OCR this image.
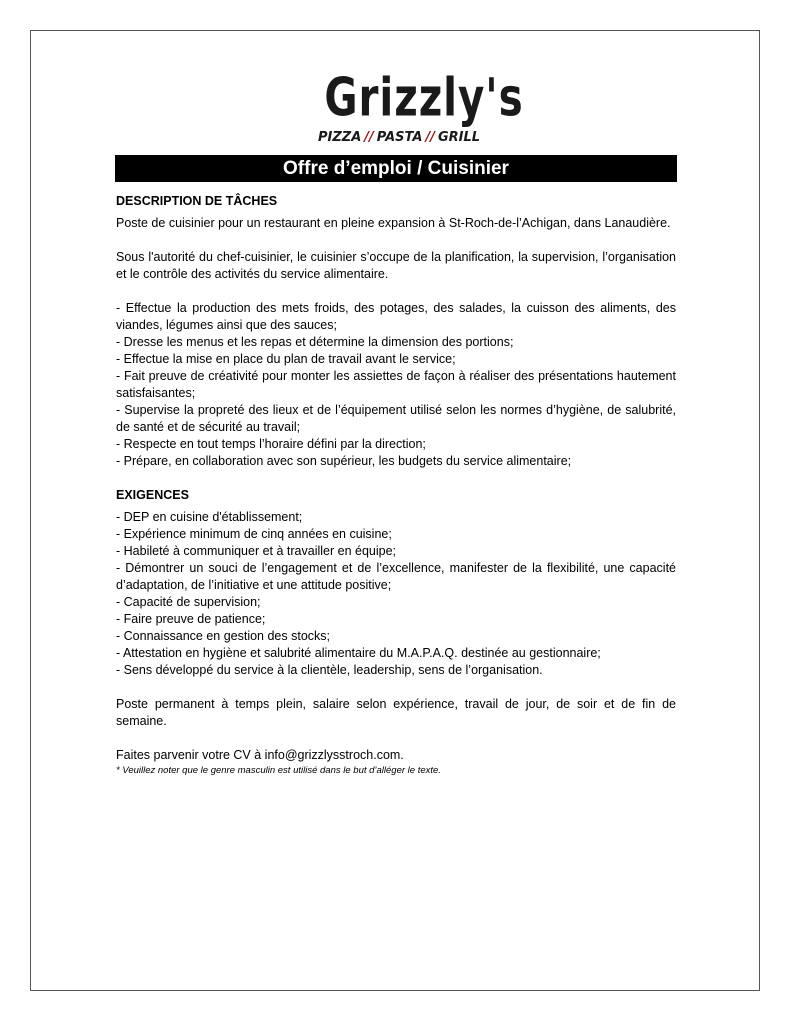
Grizzly's
PIZZA // PASTA // GRILL
Offre d’emploi / Cuisinier
DESCRIPTION DE TÂCHES

Poste de cuisinier pour un restaurant en pleine expansion à St-Roch-de-l’Achigan, dans Lanaudière.

Sous l'autorité du chef-cuisinier, le cuisinier s’occupe de la planification, la supervision, l’organisation et le contrôle des activités du service alimentaire.

- Effectue la production des mets froids, des potages, des salades, la cuisson des aliments, des viandes, légumes ainsi que des sauces;

- Dresse les menus et les repas et détermine la dimension des portions;

- Effectue la mise en place du plan de travail avant le service;

- Fait preuve de créativité pour monter les assiettes de façon à réaliser des présentations hautement satisfaisantes;

- Supervise la propreté des lieux et de l’équipement utilisé selon les normes d’hygiène, de salubrité, de santé et de sécurité au travail;

- Respecte en tout temps l’horaire défini par la direction;

- Prépare, en collaboration avec son supérieur, les budgets du service alimentaire;

EXIGENCES

- DEP en cuisine d'établissement;

- Expérience minimum de cinq années en cuisine;

- Habileté à communiquer et à travailler en équipe;

- Démontrer un souci de l’engagement et de l’excellence, manifester de la flexibilité, une capacité d’adaptation, de l’initiative et une attitude positive;

- Capacité de supervision;

- Faire preuve de patience;

- Connaissance en gestion des stocks;

- Attestation en hygiène et salubrité alimentaire du M.A.P.A.Q. destinée au gestionnaire;

- Sens développé du service à la clientèle, leadership, sens de l’organisation.

Poste permanent à temps plein, salaire selon expérience, travail de jour, de soir et de fin de semaine.

Faites parvenir votre CV à info@grizzlysstroch.com.

* Veuillez noter que le genre masculin est utilisé dans le but d’alléger le texte.
